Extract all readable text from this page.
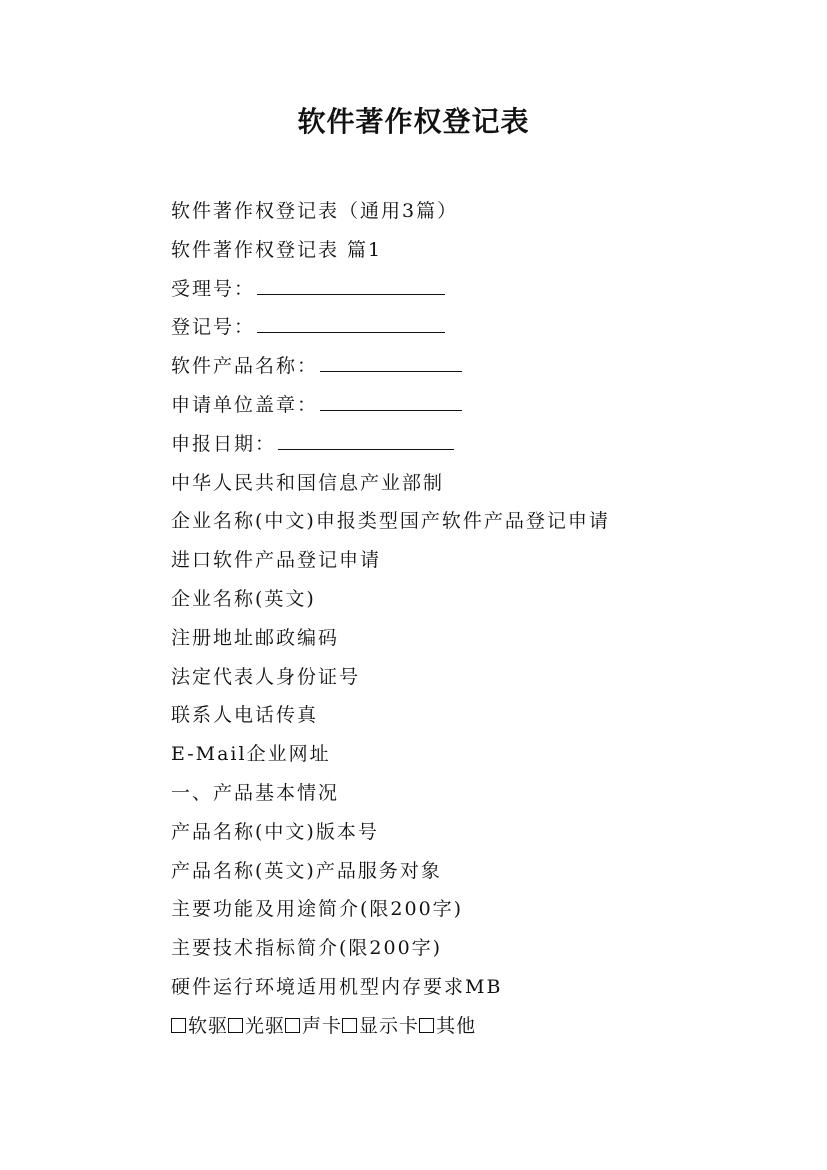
软件著作权登记表
软件著作权登记表（通用3篇）
软件著作权登记表 篇1
受理号：
登记号：
软件产品名称：
申请单位盖章：
申报日期：
中华人民共和国信息产业部制
企业名称(中文)申报类型国产软件产品登记申请
进口软件产品登记申请
企业名称(英文)
注册地址邮政编码
法定代表人身份证号
联系人电话传真
E-Mail企业网址
一、产品基本情况
产品名称(中文)版本号
产品名称(英文)产品服务对象
主要功能及用途简介(限200字)
主要技术指标简介(限200字)
硬件运行环境适用机型内存要求MB
软驱 光驱 声卡 显示卡 其他
